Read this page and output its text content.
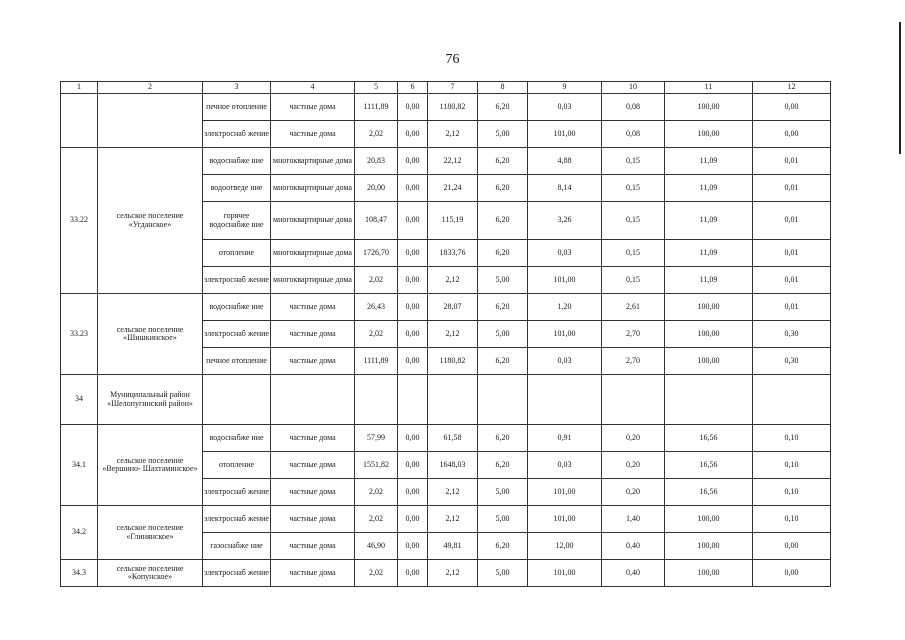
76
1	2	3	4	5	6	7	8	9	10	11	12
		печное отопление	частные дома	1111,89	0,00	1180,82	6,20	0,03	0,08	100,00	0,00
		электроснаб жение	частные дома	2,02	0,00	2,12	5,00	101,00	0,08	100,00	0,00
33.22	сельское поселение «Угданское»	водоснабже ние	многоквартирные дома	20,83	0,00	22,12	6,20	4,88	0,15	11,09	0,01
		водоотведе ние	многоквартирные дома	20,00	0,00	21,24	6,20	8,14	0,15	11,09	0,01
		горячее водоснабже ние	многоквартирные дома	108,47	0,00	115,19	6,20	3,26	0,15	11,09	0,01
		отопление	многоквартирные дома	1726,70	0,00	1833,76	6,20	0,03	0,15	11,09	0,01
		электроснаб жение	многоквартирные дома	2,02	0,00	2,12	5,00	101,00	0,15	11,09	0,01
33.23	сельское поселение «Шишкинское»	водоснабже ние	частные дома	26,43	0,00	28,07	6,20	1,20	2,61	100,00	0,01
		электроснаб жение	частные дома	2,02	0,00	2,12	5,00	101,00	2,70	100,00	0,30
		печное отопление	частные дома	1111,89	0,00	1180,82	6,20	0,03	2,70	100,00	0,30
34	Муниципальный район «Шелопугинский район»										
34.1	сельское поселение «Вершино- Шахтаминское»	водоснабже ние	частные дома	57,99	0,00	61,58	6,20	0,91	0,20	16,56	0,10
		отопление	частные дома	1551,82	0,00	1648,03	6,20	0,03	0,20	16,56	0,10
		электроснаб жение	частные дома	2,02	0,00	2,12	5,00	101,00	0,20	16,56	0,10
34.2	сельское поселение «Глинянское»	электроснаб жение	частные дома	2,02	0,00	2,12	5,00	101,00	1,40	100,00	0,10
		газоснабже ние	частные дома	46,90	0,00	49,81	6,20	12,00	0,40	100,00	0,00
34.3	сельское поселение «Копунское»	электроснаб жение	частные дома	2,02	0,00	2,12	5,00	101,00	0,40	100,00	0,00
